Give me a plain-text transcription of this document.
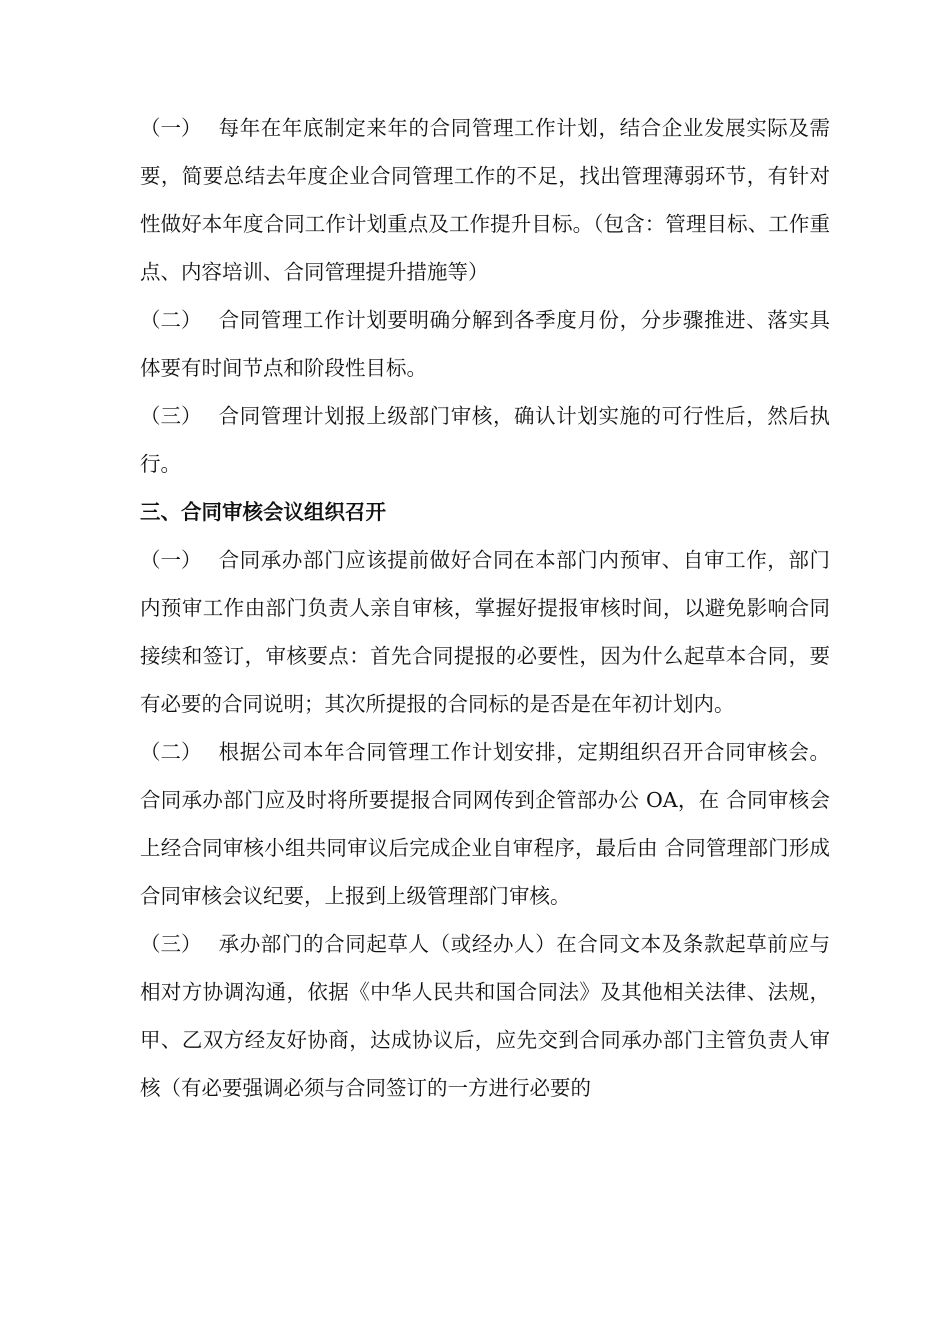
（一） 每年在年底制定来年的合同管理工作计划，结合企业发展实际及需要，简要总结去年度企业合同管理工作的不足，找出管理薄弱环节，有针对性做好本年度合同工作计划重点及工作提升目标。（包含：管理目标、工作重点、内容培训、合同管理提升措施等）

（二） 合同管理工作计划要明确分解到各季度月份，分步骤推进、落实具体要有时间节点和阶段性目标。

（三） 合同管理计划报上级部门审核，确认计划实施的可行性后，然后执行。

三、合同审核会议组织召开

（一） 合同承办部门应该提前做好合同在本部门内预审、自审工作，部门内预审工作由部门负责人亲自审核，掌握好提报审核时间，以避免影响合同接续和签订，审核要点：首先合同提报的必要性，因为什么起草本合同，要有必要的合同说明；其次所提报的合同标的是否是在年初计划内。

（二） 根据公司本年合同管理工作计划安排，定期组织召开合同审核会。合同承办部门应及时将所要提报合同网传到企管部办公 OA，在 合同审核会上经合同审核小组共同审议后完成企业自审程序，最后由 合同管理部门形成合同审核会议纪要，上报到上级管理部门审核。

（三） 承办部门的合同起草人（或经办人）在合同文本及条款起草前应与相对方协调沟通，依据《中华人民共和国合同法》及其他相关法律、法规，甲、乙双方经友好协商，达成协议后，应先交到合同承办部门主管负责人审核（有必要强调必须与合同签订的一方进行必要的
